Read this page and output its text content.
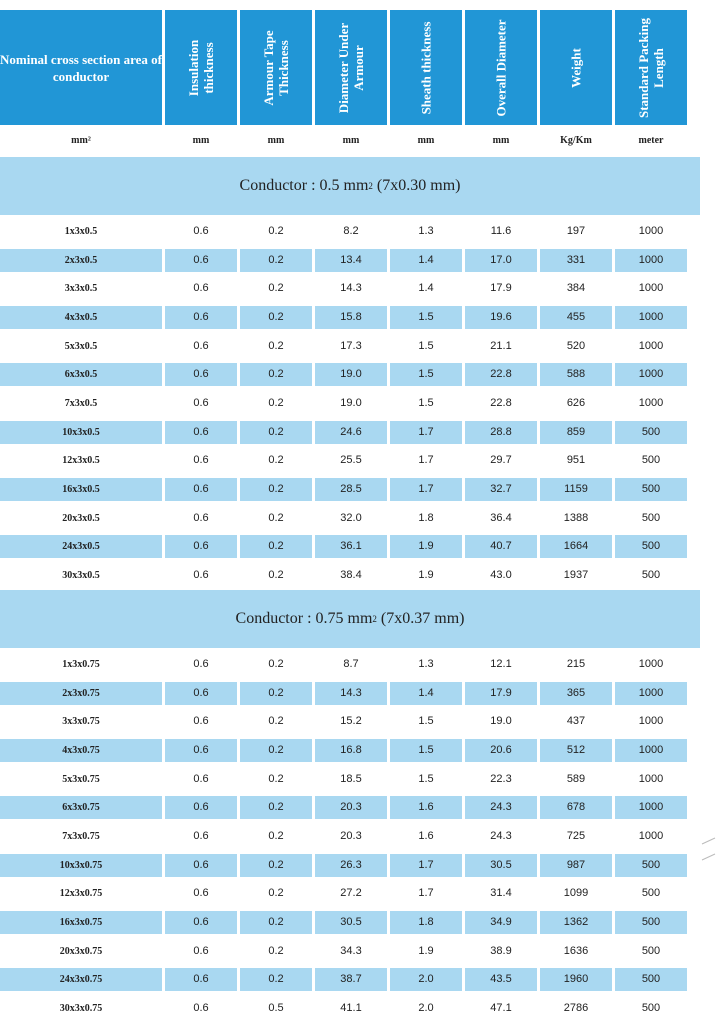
Nominal cross section area of conductor	Insulation thickness	Armour Tape Thickness	Diameter Under Armour	Sheath thickness	Overall Diameter	Weight	Standard Packing Length
mm²	mm	mm	mm	mm	mm	Kg/Km	meter
Conductor : 0.5 mm 2 (7x0.30 mm)
1x3x0.5	0.6	0.2	8.2	1.3	11.6	197	1000
2x3x0.5	0.6	0.2	13.4	1.4	17.0	331	1000
3x3x0.5	0.6	0.2	14.3	1.4	17.9	384	1000
4x3x0.5	0.6	0.2	15.8	1.5	19.6	455	1000
5x3x0.5	0.6	0.2	17.3	1.5	21.1	520	1000
6x3x0.5	0.6	0.2	19.0	1.5	22.8	588	1000
7x3x0.5	0.6	0.2	19.0	1.5	22.8	626	1000
10x3x0.5	0.6	0.2	24.6	1.7	28.8	859	500
12x3x0.5	0.6	0.2	25.5	1.7	29.7	951	500
16x3x0.5	0.6	0.2	28.5	1.7	32.7	1159	500
20x3x0.5	0.6	0.2	32.0	1.8	36.4	1388	500
24x3x0.5	0.6	0.2	36.1	1.9	40.7	1664	500
30x3x0.5	0.6	0.2	38.4	1.9	43.0	1937	500
Conductor : 0.75 mm 2 (7x0.37 mm)
1x3x0.75	0.6	0.2	8.7	1.3	12.1	215	1000
2x3x0.75	0.6	0.2	14.3	1.4	17.9	365	1000
3x3x0.75	0.6	0.2	15.2	1.5	19.0	437	1000
4x3x0.75	0.6	0.2	16.8	1.5	20.6	512	1000
5x3x0.75	0.6	0.2	18.5	1.5	22.3	589	1000
6x3x0.75	0.6	0.2	20.3	1.6	24.3	678	1000
7x3x0.75	0.6	0.2	20.3	1.6	24.3	725	1000
10x3x0.75	0.6	0.2	26.3	1.7	30.5	987	500
12x3x0.75	0.6	0.2	27.2	1.7	31.4	1099	500
16x3x0.75	0.6	0.2	30.5	1.8	34.9	1362	500
20x3x0.75	0.6	0.2	34.3	1.9	38.9	1636	500
24x3x0.75	0.6	0.2	38.7	2.0	43.5	1960	500
30x3x0.75	0.6	0.5	41.1	2.0	47.1	2786	500
